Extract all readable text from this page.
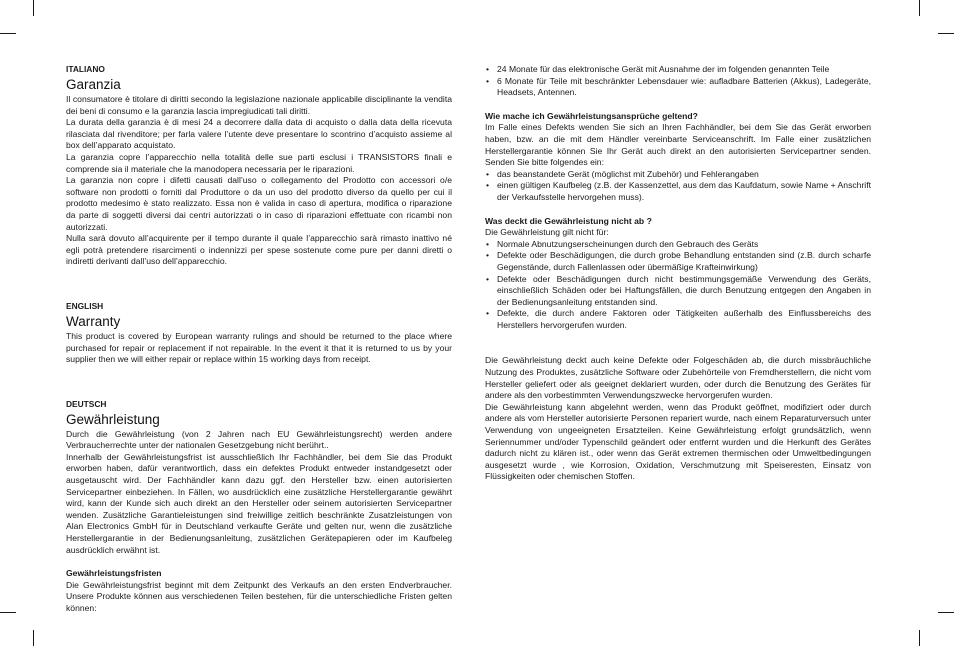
ITALIANO

Garanzia

Il consumatore è titolare di diritti secondo la legislazione nazionale applicabile disciplinante la vendita dei beni di consumo e la garanzia lascia impregiudicati tali diritti.

La durata della garanzia è di mesi 24 a decorrere dalla data di acquisto o dalla data della ricevuta rilasciata dal rivenditore; per farla valere l’utente deve presentare lo scontrino d’acquisto assieme al box dell’apparato acquistato.

La garanzia copre l’apparecchio nella totalità delle sue parti esclusi i TRANSISTORS finali e comprende sia il materiale che la manodopera necessaria per le riparazioni.

La garanzia non copre i difetti causati dall’uso o collegamento del Prodotto con accessori o/e software non prodotti o forniti dal Produttore o da un uso del prodotto diverso da quello per cui il prodotto medesimo è stato realizzato. Essa non è valida in caso di apertura, modifica o riparazione da parte di soggetti diversi dai centri autorizzati o in caso di riparazioni effettuate con ricambi non autorizzati.

Nulla sarà dovuto all’acquirente per il tempo durante il quale l’apparecchio sarà rimasto inattivo né egli potrà pretendere risarcimenti o indennizzi per spese sostenute come pure per danni diretti o indiretti derivanti dall’uso dell’apparecchio.

ENGLISH

Warranty

This product is covered by European warranty rulings and should be returned to the place where purchased for repair or replacement if not repairable. In the event it that it is returned to us by your supplier then we will either repair or replace within 15 working days from receipt.

DEUTSCH

Gewährleistung

Durch die Gewährleistung (von 2 Jahren nach EU Gewährleistungsrecht) werden andere Verbraucherrechte unter der nationalen Gesetzgebung nicht berührt..

Innerhalb der Gewährleistungsfrist ist ausschließlich Ihr Fachhändler, bei dem Sie das Produkt erworben haben, dafür verantwortlich, dass ein defektes Produkt entweder instandgesetzt oder ausgetauscht wird. Der Fachhändler kann dazu ggf. den Hersteller bzw. einen autorisierten Servicepartner einbeziehen. In Fällen, wo ausdrücklich eine zusätzliche Herstellergarantie gewährt wird, kann der Kunde sich auch direkt an den Hersteller oder seinem autorisierten Servicepartner wenden. Zusätzliche Garantieleistungen sind freiwillige zeitlich beschränkte Zusatzleistungen von Alan Electronics GmbH für in Deutschland verkaufte Geräte und gelten nur, wenn die zusätzliche Herstellergarantie in der Bedienungsanleitung, zusätzlichen Gerätepapieren oder im Kaufbeleg ausdrücklich erwähnt ist.

Gewährleistungsfristen

Die Gewährleistungsfrist beginnt mit dem Zeitpunkt des Verkaufs an den ersten Endverbraucher. Unsere Produkte können aus verschiedenen Teilen bestehen, für die unterschiedliche Fristen gelten können:

• 24 Monate für das elektronische Gerät mit Ausnahme der im folgenden genannten Teile
• 6 Monate für Teile mit beschränkter Lebensdauer wie: aufladbare Batterien (Akkus), Ladegeräte, Headsets, Antennen.

Wie mache ich Gewährleistungsansprüche geltend?

Im Falle eines Defekts wenden Sie sich an Ihren Fachhändler, bei dem Sie das Gerät erworben haben, bzw. an die mit dem Händler vereinbarte Serviceanschrift. Im Falle einer zusätzlichen Herstellergarantie können Sie Ihr Gerät auch direkt an den autorisierten Servicepartner senden. Senden Sie bitte folgendes ein:

• das beanstandete Gerät (möglichst mit Zubehör) und Fehlerangaben
• einen gültigen Kaufbeleg (z.B. der Kassenzettel, aus dem das Kaufdatum, sowie Name + Anschrift der Verkaufsstelle hervorgehen muss).

Was deckt die Gewährleistung nicht ab ?

Die Gewährleistung gilt nicht für:

• Normale Abnutzungserscheinungen durch den Gebrauch des Geräts
• Defekte oder Beschädigungen, die durch grobe Behandlung entstanden sind (z.B. durch scharfe Gegenstände, durch Fallenlassen oder übermäßige Krafteinwirkung)
• Defekte oder Beschädigungen durch nicht bestimmungsgemäße Verwendung des Geräts, einschließlich Schäden oder bei Haftungsfällen, die durch Benutzung entgegen den Angaben in der Bedienungsanleitung entstanden sind.
• Defekte, die durch andere Faktoren oder Tätigkeiten außerhalb des Einflussbereichs des Herstellers hervorgerufen wurden.

Die Gewährleistung deckt auch keine Defekte oder Folgeschäden ab, die durch missbräuchliche Nutzung des Produktes, zusätzliche Software oder Zubehörteile von Fremdherstellern, die nicht vom Hersteller geliefert oder als geeignet deklariert wurden, oder durch die Benutzung des Gerätes für andere als den vorbestimmten Verwendungszwecke hervorgerufen wurden.

Die Gewährleistung kann abgelehnt werden, wenn das Produkt geöffnet, modifiziert oder durch andere als vom Hersteller autorisierte Personen repariert wurde, nach einem Reparaturversuch unter Verwendung von ungeeigneten Ersatzteilen. Keine Gewährleistung erfolgt grundsätzlich, wenn Seriennummer und/oder Typenschild geändert oder entfernt wurden und die Herkunft des Gerätes dadurch nicht zu klären ist., oder wenn das Gerät extremen thermischen oder Umweltbedingungen ausgesetzt wurde , wie Korrosion, Oxidation, Verschmutzung mit Speiseresten, Einsatz von Flüssigkeiten oder chemischen Stoffen.
